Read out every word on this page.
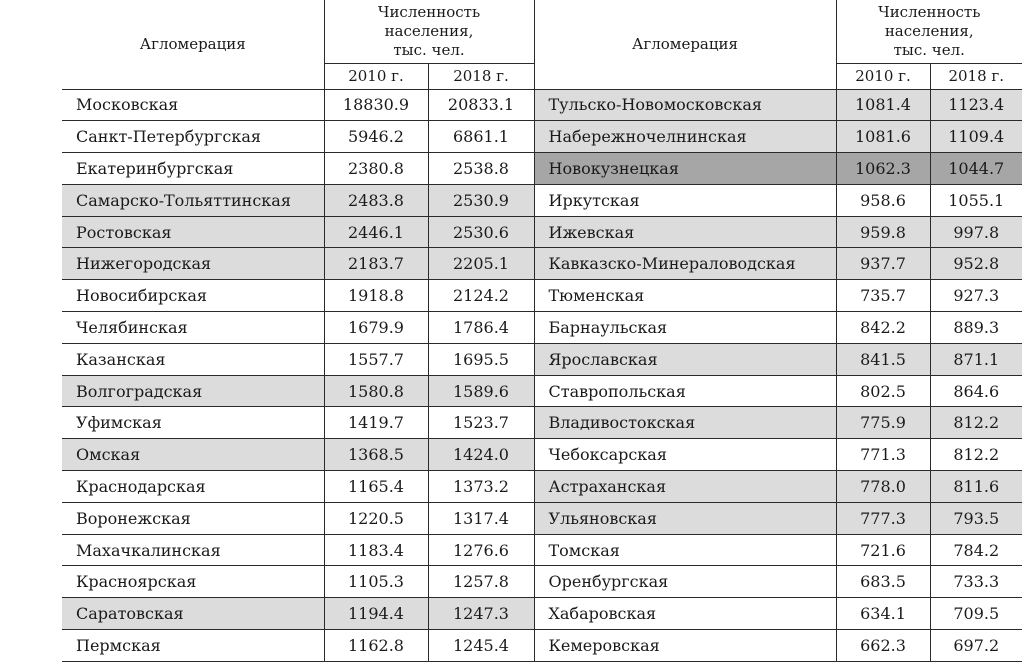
Агломерация	Численность населения, тыс. чел.		Агломерация	Численность населения, тыс. чел.	
	2010 г.	2018 г.		2010 г.	2018 г.
Московская	18830.9	20833.1	Тульско-Новомосковская	1081.4	1123.4
Санкт-Петербургская	5946.2	6861.1	Набережночелнинская	1081.6	1109.4
Екатеринбургская	2380.8	2538.8	Новокузнецкая	1062.3	1044.7
Самарско-Тольяттинская	2483.8	2530.9	Иркутская	958.6	1055.1
Ростовская	2446.1	2530.6	Ижевская	959.8	997.8
Нижегородская	2183.7	2205.1	Кавказско-Минераловодская	937.7	952.8
Новосибирская	1918.8	2124.2	Тюменская	735.7	927.3
Челябинская	1679.9	1786.4	Барнаульская	842.2	889.3
Казанская	1557.7	1695.5	Ярославская	841.5	871.1
Волгоградская	1580.8	1589.6	Ставропольская	802.5	864.6
Уфимская	1419.7	1523.7	Владивостокская	775.9	812.2
Омская	1368.5	1424.0	Чебоксарская	771.3	812.2
Краснодарская	1165.4	1373.2	Астраханская	778.0	811.6
Воронежская	1220.5	1317.4	Ульяновская	777.3	793.5
Махачкалинская	1183.4	1276.6	Томская	721.6	784.2
Красноярская	1105.3	1257.8	Оренбургская	683.5	733.3
Саратовская	1194.4	1247.3	Хабаровская	634.1	709.5
Пермская	1162.8	1245.4	Кемеровская	662.3	697.2
